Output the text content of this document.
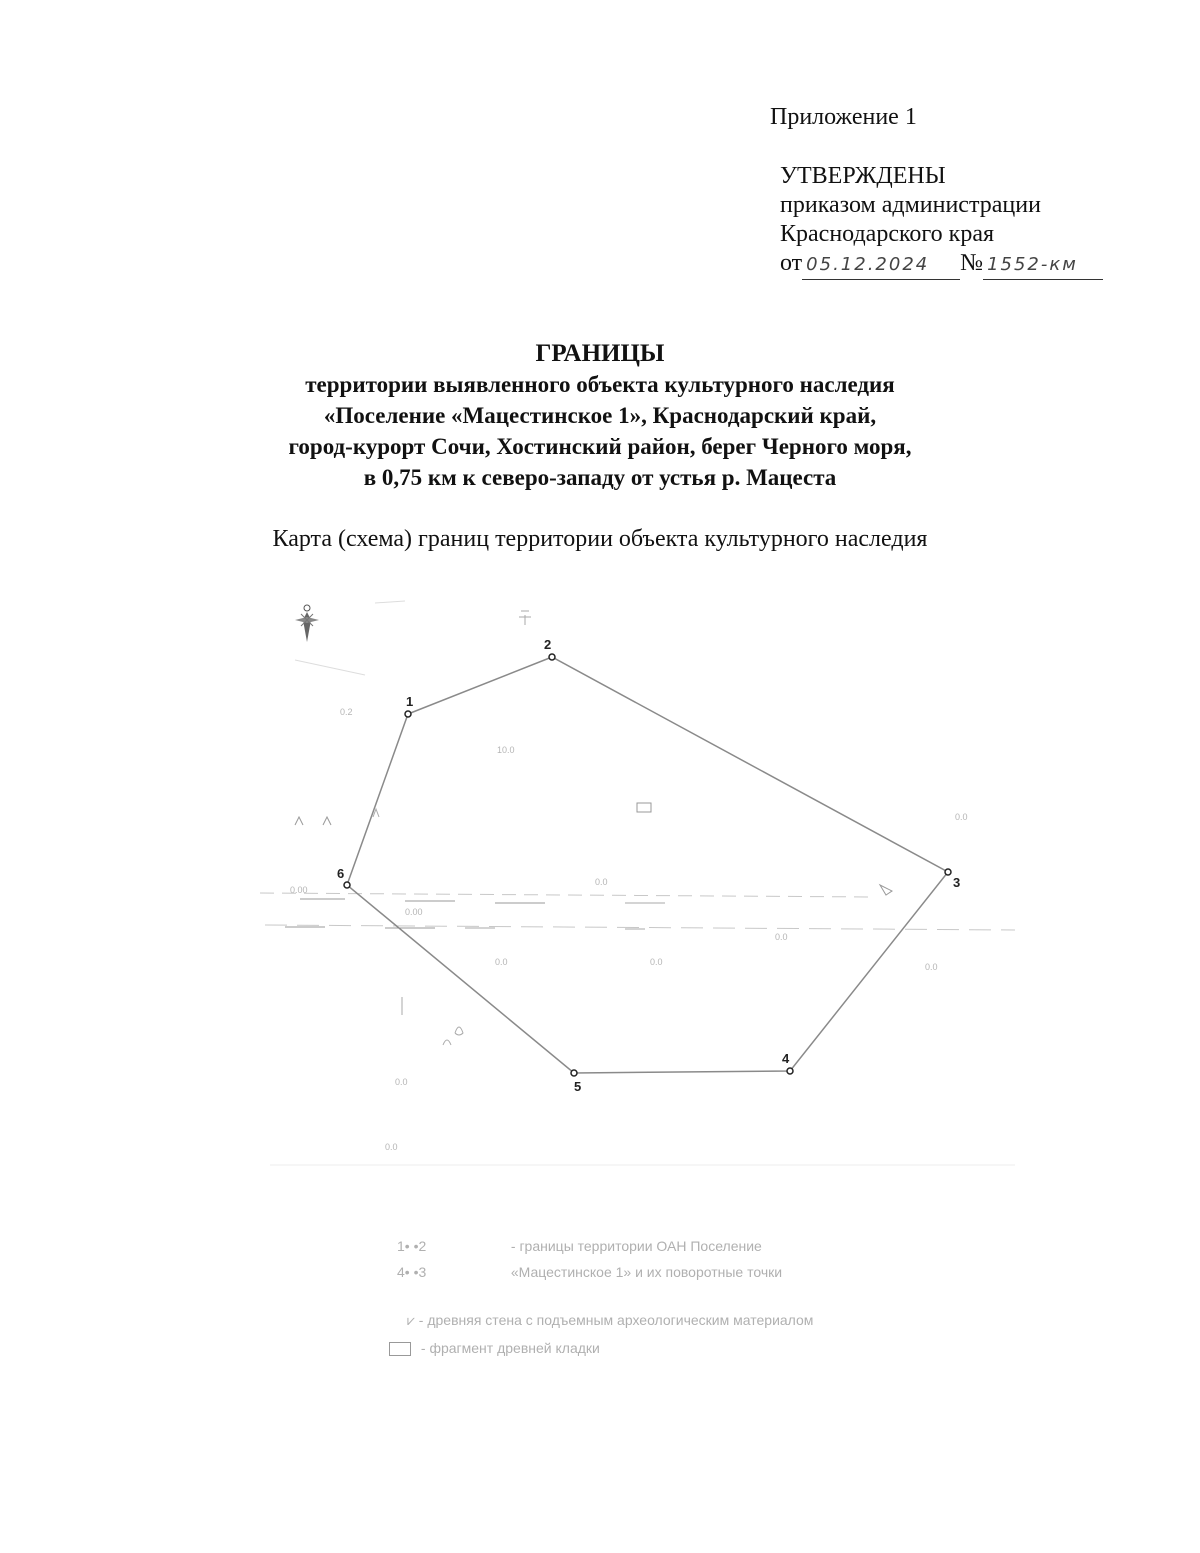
Приложение 1
УТВЕРЖДЕНЫ
приказом администрации
Краснодарского края
от 05.12.2024 № 1552-км
ГРАНИЦЫ
территории выявленного объекта культурного наследия
«Поселение «Мацестинское 1», Краснодарский край,
город-курорт Сочи, Хостинский район, берег Черного моря,
в 0,75 км к северо-западу от устья р. Мацеста
Карта (схема) границ территории объекта культурного наследия
0.2
10.0
0.0	0.0
0.0
0.0
0.00
0.00
0.0
0.0
0.0
0.0
1
2
3
4
5
6
1• •2	- границы территории ОАН Поселение
4• •3	«Мацестинское 1» и их поворотные точки
⩗ - древняя стена с подъемным археологическим материалом
- фрагмент древней кладки
